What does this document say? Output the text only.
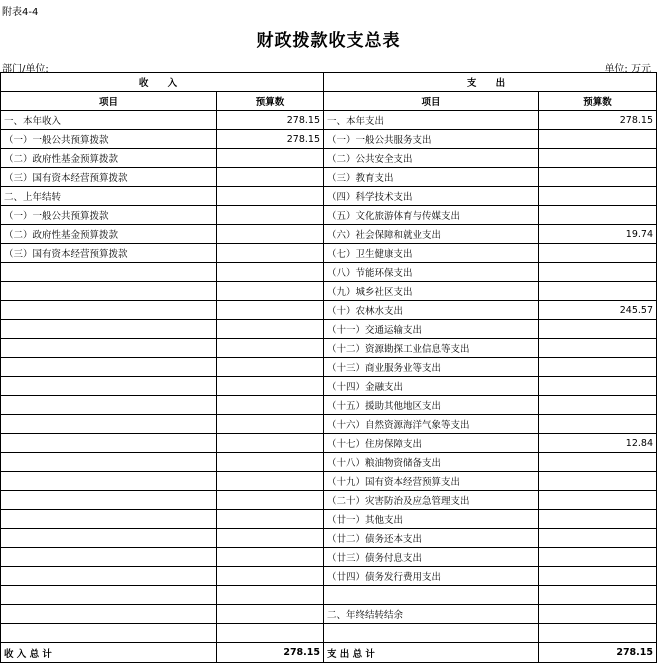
附表4-4
财政拨款收支总表
部门/单位:	单位: 万元
收 入		支 出	
项目	预算数	项目	预算数
一、本年收入	278.15	一、本年支出	278.15
（一）一般公共预算拨款	278.15	（一）一般公共服务支出	
（二）政府性基金预算拨款		（二）公共安全支出	
（三）国有资本经营预算拨款		（三）教育支出	
二、上年结转		（四）科学技术支出	
（一）一般公共预算拨款		（五）文化旅游体育与传媒支出	
（二）政府性基金预算拨款		（六）社会保障和就业支出	19.74
（三）国有资本经营预算拨款		（七）卫生健康支出	
		（八）节能环保支出	
		（九）城乡社区支出	
		（十）农林水支出	245.57
		（十一）交通运输支出	
		（十二）资源勘探工业信息等支出	
		（十三）商业服务业等支出	
		（十四）金融支出	
		（十五）援助其他地区支出	
		（十六）自然资源海洋气象等支出	
		（十七）住房保障支出	12.84
		（十八）粮油物资储备支出	
		（十九）国有资本经营预算支出	
		（二十）灾害防治及应急管理支出	
		（廿一）其他支出	
		（廿二）债务还本支出	
		（廿三）债务付息支出	
		（廿四）债务发行费用支出	

		二、年终结转结余	

收 入 总 计	278.15	支 出 总 计	278.15
